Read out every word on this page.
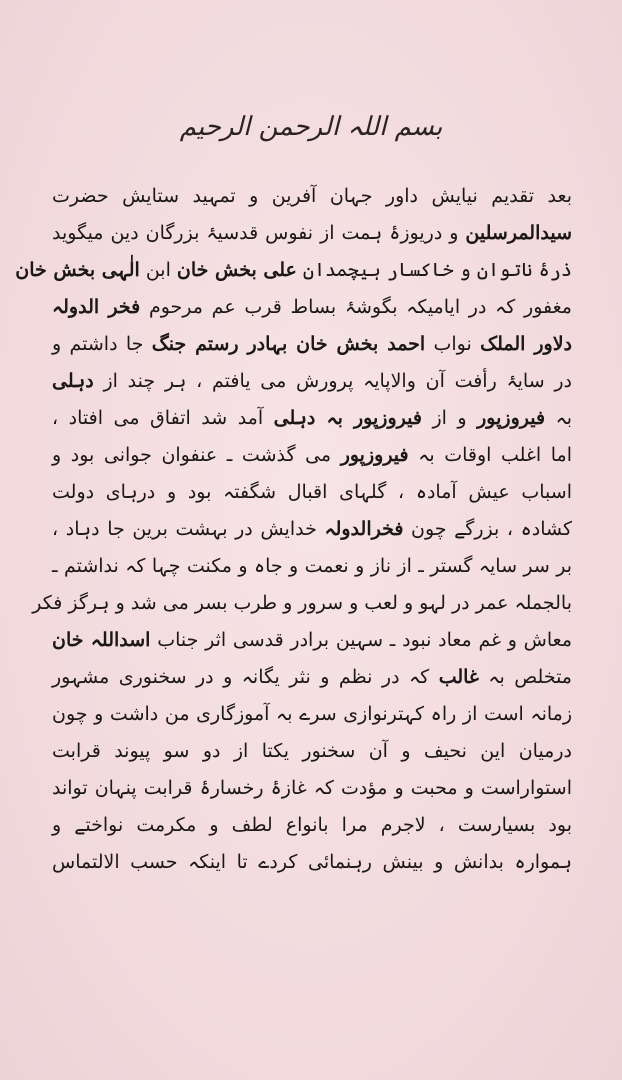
بسم اللہ الرحمن الرحیم
بعد تقدیم نیایش داور جہان آفرین و تمہید ستایش حضرت
سیدالمرسلین و دریوزۂ ہمت از نفوس قدسیۂ بزرگان دین میگوید
ذرۂ ناتوان و خاکسار ہیچمدان علی بخش خان ابن الٰہی بخش خان
مغفور کہ در ایامیکہ بگوشۂ بساط قرب عم مرحوم فخر الدولہ
دلاور الملک نواب احمد بخش خان بہادر رستم جنگ جا داشتم و
در سایۂ رأفت آن والاپایہ پرورش می یافتم ، ہر چند از دہلی
بہ فیروزپور و از فیروزپور بہ دہلی آمد شد اتفاق می افتاد ،
اما اغلب اوقات بہ فیروزپور می گذشت ـ عنفوان جوانی بود و
اسباب عیش آمادہ ، گلہای اقبال شگفتہ بود و درہای دولت
کشادہ ، بزرگے چون فخرالدولہ خدایش در بہشت برین جا دہاد ،
بر سر سایہ گستر ـ از ناز و نعمت و جاہ و مکنت چہا کہ نداشتم ـ
بالجملہ عمر در لہو و لعب و سرور و طرب بسر می شد و ہرگز فکر
معاش و غم معاد نبود ـ سہین برادر قدسی اثر جناب اسداللہ خان
متخلص بہ غالب کہ در نظم و نثر یگانہ و در سخنوری مشہور
زمانہ است از راہ کہترنوازی سرے بہ آموزگاری من داشت و چون
درمیان این نحیف و آن سخنور یکتا از دو سو پیوند قرابت
استواراست و محبت و مؤدت کہ غازۂ رخسارۂ قرابت پنہان تواند
بود بسیارست ، لاجرم مرا بانواع لطف و مکرمت نواختے و
ہموارہ بدانش و بینش رہنمائی کردے تا اینکہ حسب الالتماس
